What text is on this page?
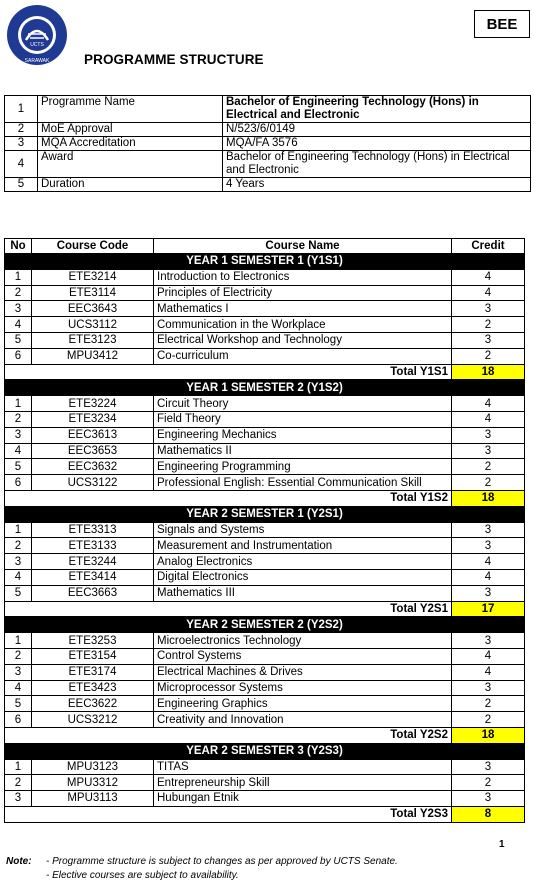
UCTS
SARAWAK	PROGRAMME STRUCTURE
BEE
1	Programme Name	Bachelor of Engineering Technology (Hons) in Electrical and Electronic
2	MoE Approval	N/523/6/0149
3	MQA Accreditation	MQA/FA 3576
4	Award	Bachelor of Engineering Technology (Hons) in Electrical and Electronic
5	Duration	4 Years
No	Course Code	Course Name	Credit
YEAR 1 SEMESTER 1 (Y1S1)			
1	ETE3214	Introduction to Electronics	4
2	ETE3114	Principles of Electricity	4
3	EEC3643	Mathematics I	3
4	UCS3112	Communication in the Workplace	2
5	ETE3123	Electrical Workshop and Technology	3
6	MPU3412	Co-curriculum	2
Total Y1S1			18
YEAR 1 SEMESTER 2 (Y1S2)			
1	ETE3224	Circuit Theory	4
2	ETE3234	Field Theory	4
3	EEC3613	Engineering Mechanics	3
4	EEC3653	Mathematics II	3
5	EEC3632	Engineering Programming	2
6	UCS3122	Professional English: Essential Communication Skill	2
Total Y1S2			18
YEAR 2 SEMESTER 1 (Y2S1)			
1	ETE3313	Signals and Systems	3
2	ETE3133	Measurement and Instrumentation	3
3	ETE3244	Analog Electronics	4
4	ETE3414	Digital Electronics	4
5	EEC3663	Mathematics III	3
Total Y2S1			17
YEAR 2 SEMESTER 2 (Y2S2)			
1	ETE3253	Microelectronics Technology	3
2	ETE3154	Control Systems	4
3	ETE3174	Electrical Machines & Drives	4
4	ETE3423	Microprocessor Systems	3
5	EEC3622	Engineering Graphics	2
6	UCS3212	Creativity and Innovation	2
Total Y2S2			18
YEAR 2 SEMESTER 3 (Y2S3)			
1	MPU3123	TITAS	3
2	MPU3312	Entrepreneurship Skill	2
3	MPU3113	Hubungan Etnik	3
Total Y2S3			8
1
Note: - Programme structure is subject to changes as per approved by UCTS Senate.
- Elective courses are subject to availability.
